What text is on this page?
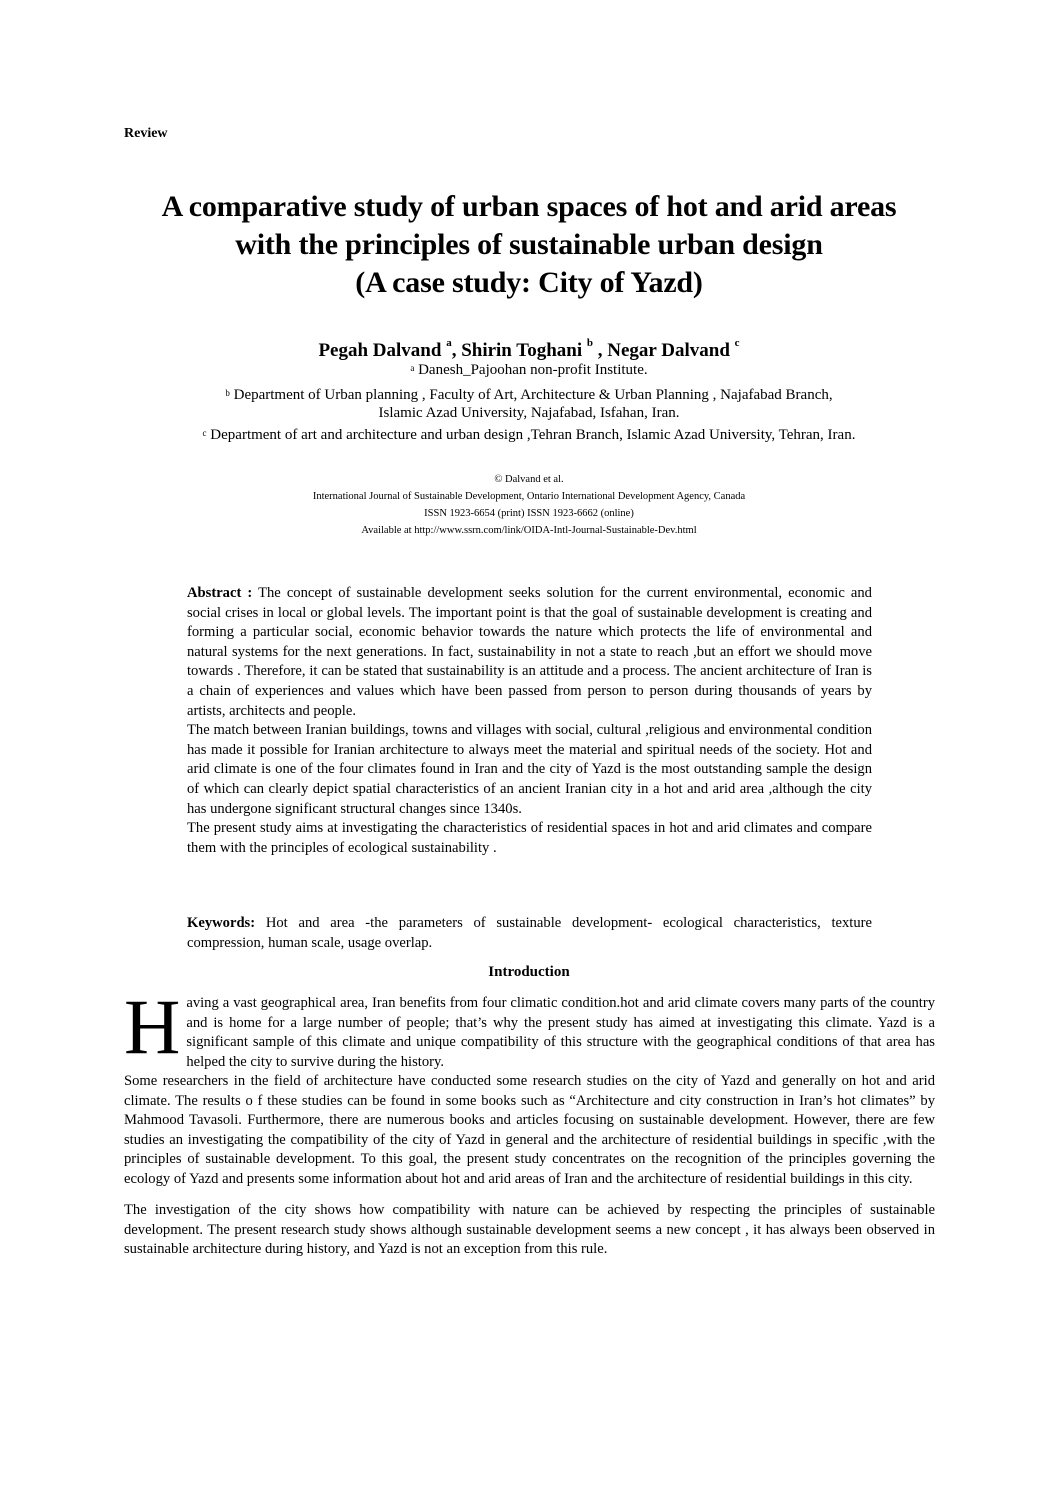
Review
A comparative study of urban spaces of hot and arid areas
with the principles of sustainable urban design
(A case study: City of Yazd)
Pegah Dalvand $^a$, Shirin Toghani $^b$ , Negar Dalvand $^c$
$^a$ Danesh_Pajoohan non-profit Institute.
$^b$ Department of Urban planning , Faculty of Art, Architecture & Urban Planning , Najafabad Branch,
Islamic Azad University, Najafabad, Isfahan, Iran.
$^c$ Department of art and architecture and urban design ,Tehran Branch, Islamic Azad University, Tehran, Iran.
© Dalvand et al.
International Journal of Sustainable Development, Ontario International Development Agency, Canada
ISSN 1923-6654 (print) ISSN 1923-6662 (online)
Available at http://www.ssrn.com/link/OIDA-Intl-Journal-Sustainable-Dev.html

Abstract : The concept of sustainable development seeks solution for the current environmental, economic and social crises in local or global levels. The important point is that the goal of sustainable development is creating and forming a particular social, economic behavior towards the nature which protects the life of environmental and natural systems for the next generations. In fact, sustainability in not a state to reach ,but an effort we should move towards . Therefore, it can be stated that sustainability is an attitude and a process. The ancient architecture of Iran is a chain of experiences and values which have been passed from person to person during thousands of years by artists, architects and people.

The match between Iranian buildings, towns and villages with social, cultural ,religious and environmental condition has made it possible for Iranian architecture to always meet the material and spiritual needs of the society. Hot and arid climate is one of the four climates found in Iran and the city of Yazd is the most outstanding sample the design of which can clearly depict spatial characteristics of an ancient Iranian city in a hot and arid area ,although the city has undergone significant structural changes since 1340s.

The present study aims at investigating the characteristics of residential spaces in hot and arid climates and compare them with the principles of ecological sustainability .

Keywords: Hot and area -the parameters of sustainable development- ecological characteristics, texture compression, human scale, usage overlap.
Introduction

Having a vast geographical area, Iran benefits from four climatic condition.hot and arid climate covers many parts of the country and is home for a large number of people; that’s why the present study has aimed at investigating this climate. Yazd is a significant sample of this climate and unique compatibility of this structure with the geographical conditions of that area has helped the city to survive during the history.

Some researchers in the field of architecture have conducted some research studies on the city of Yazd and generally on hot and arid climate. The results o f these studies can be found in some books such as “Architecture and city construction in Iran’s hot climates” by Mahmood Tavasoli. Furthermore, there are numerous books and articles focusing on sustainable development. However, there are few studies an investigating the compatibility of the city of Yazd in general and the architecture of residential buildings in specific ,with the principles of sustainable development. To this goal, the present study concentrates on the recognition of the principles governing the ecology of Yazd and presents some information about hot and arid areas of Iran and the architecture of residential buildings in this city.

The investigation of the city shows how compatibility with nature can be achieved by respecting the principles of sustainable development. The present research study shows although sustainable development seems a new concept , it has always been observed in sustainable architecture during history, and Yazd is not an exception from this rule.
